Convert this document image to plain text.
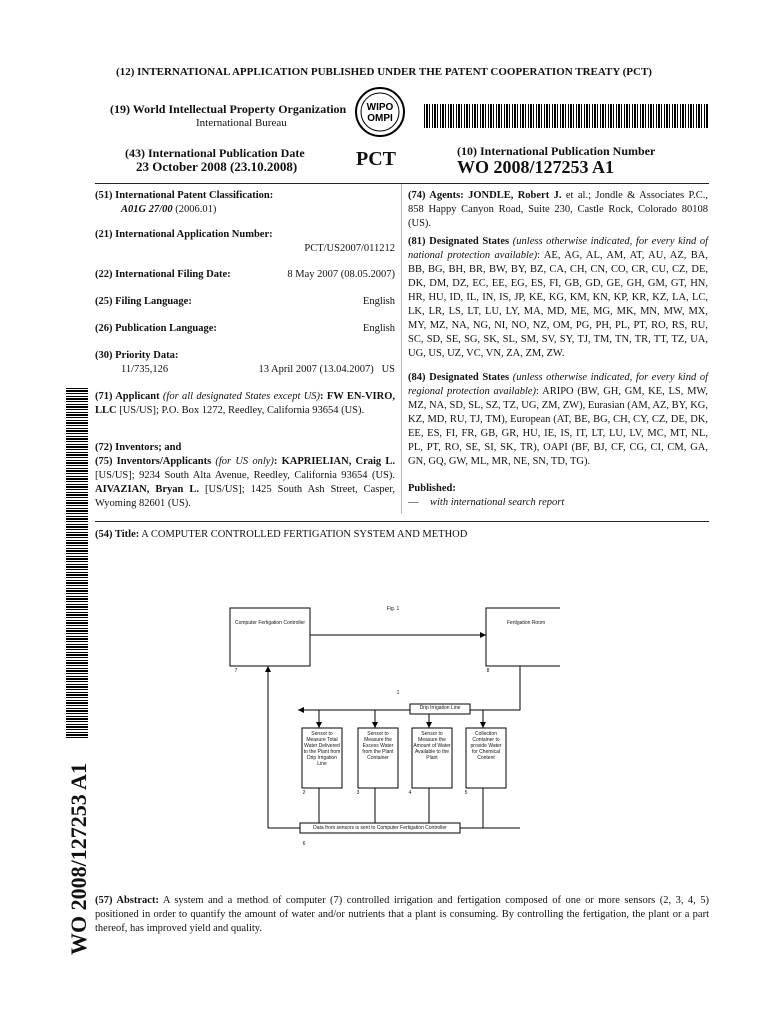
(12) INTERNATIONAL APPLICATION PUBLISHED UNDER THE PATENT COOPERATION TREATY (PCT)
(19) World Intellectual Property Organization
International Bureau
WIPO
OMPI
(43) International Publication Date
23 October 2008 (23.10.2008)	PCT	(10) International Publication Number
WO 2008/127253 A1
(51) International Patent Classification:
A01G 27/00 (2006.01)
(21) International Application Number:
PCT/US2007/011212
(22) International Filing Date:	8 May 2007 (08.05.2007)
(25) Filing Language:	English
(26) Publication Language:	English
(30) Priority Data:
11/735,126	13 April 2007 (13.04.2007) US
(71) Applicant (for all designated States except US): FW EN-VIRO, LLC [US/US]; P.O. Box 1272, Reedley, California 93654 (US).
(72) Inventors; and
(75) Inventors/Applicants (for US only): KAPRIELIAN, Craig L. [US/US]; 9234 South Alta Avenue, Reedley, California 93654 (US). AIVAZIAN, Bryan L. [US/US]; 1425 South Ash Street, Casper, Wyoming 82601 (US).
(74) Agents: JONDLE, Robert J. et al.; Jondle & Associates P.C., 858 Happy Canyon Road, Suite 230, Castle Rock, Colorado 80108 (US).
(81) Designated States (unless otherwise indicated, for every kind of national protection available): AE, AG, AL, AM, AT, AU, AZ, BA, BB, BG, BH, BR, BW, BY, BZ, CA, CH, CN, CO, CR, CU, CZ, DE, DK, DM, DZ, EC, EE, EG, ES, FI, GB, GD, GE, GH, GM, GT, HN, HR, HU, ID, IL, IN, IS, JP, KE, KG, KM, KN, KP, KR, KZ, LA, LC, LK, LR, LS, LT, LU, LY, MA, MD, ME, MG, MK, MN, MW, MX, MY, MZ, NA, NG, NI, NO, NZ, OM, PG, PH, PL, PT, RO, RS, RU, SC, SD, SE, SG, SK, SL, SM, SV, SY, TJ, TM, TN, TR, TT, TZ, UA, UG, US, UZ, VC, VN, ZA, ZM, ZW.
(84) Designated States (unless otherwise indicated, for every kind of regional protection available): ARIPO (BW, GH, GM, KE, LS, MW, MZ, NA, SD, SL, SZ, TZ, UG, ZM, ZW), Eurasian (AM, AZ, BY, KG, KZ, MD, RU, TJ, TM), European (AT, BE, BG, CH, CY, CZ, DE, DK, EE, ES, FI, FR, GB, GR, HU, IE, IS, IT, LT, LU, LV, MC, MT, NL, PL, PT, RO, SE, SI, SK, TR), OAPI (BF, BJ, CF, CG, CI, CM, GA, GN, GQ, GW, ML, MR, NE, SN, TD, TG).
Published:
— with international search report
(54) Title: A COMPUTER CONTROLLED FERTIGATION SYSTEM AND METHOD
WO 2008/127253 A1
Fig. 1
Computer Fertigation Controller	Fertigation Room
Drip Irrigation Line
Sensor to Measure Total Water Delivered to the Plant from Drip Irrigation Line
Sensor to Measure the Excess Water from the Plant Container
Sensor to Measure the Amount of Water Available to the Plant
Collection Container to provide Water for Chemical Content
Data from sensors is sent to Computer Fertigation Controller
1
2	3	4	5
6
7	8
(57) Abstract: A system and a method of computer (7) controlled irrigation and fertigation composed of one or more sensors (2, 3, 4, 5) positioned in order to quantify the amount of water and/or nutrients that a plant is consuming. By controlling the fertigation, the plant or a part thereof, has improved yield and quality.
